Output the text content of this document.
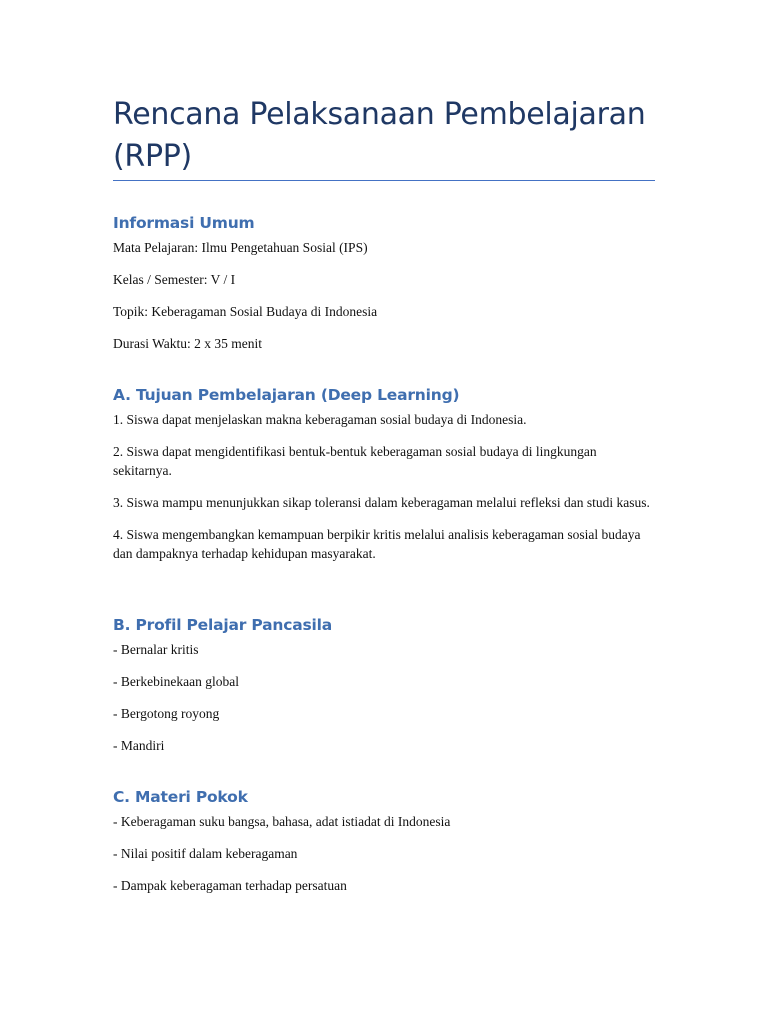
Rencana Pelaksanaan Pembelajaran (RPP)
Informasi Umum

Mata Pelajaran: Ilmu Pengetahuan Sosial (IPS)

Kelas / Semester: V / I

Topik: Keberagaman Sosial Budaya di Indonesia

Durasi Waktu: 2 x 35 menit

A. Tujuan Pembelajaran (Deep Learning)

1. Siswa dapat menjelaskan makna keberagaman sosial budaya di Indonesia.

2. Siswa dapat mengidentifikasi bentuk-bentuk keberagaman sosial budaya di lingkungan sekitarnya.

3. Siswa mampu menunjukkan sikap toleransi dalam keberagaman melalui refleksi dan studi kasus.

4. Siswa mengembangkan kemampuan berpikir kritis melalui analisis keberagaman sosial budaya dan dampaknya terhadap kehidupan masyarakat.

B. Profil Pelajar Pancasila

- Bernalar kritis

- Berkebinekaan global

- Bergotong royong

- Mandiri

C. Materi Pokok

- Keberagaman suku bangsa, bahasa, adat istiadat di Indonesia

- Nilai positif dalam keberagaman

- Dampak keberagaman terhadap persatuan
